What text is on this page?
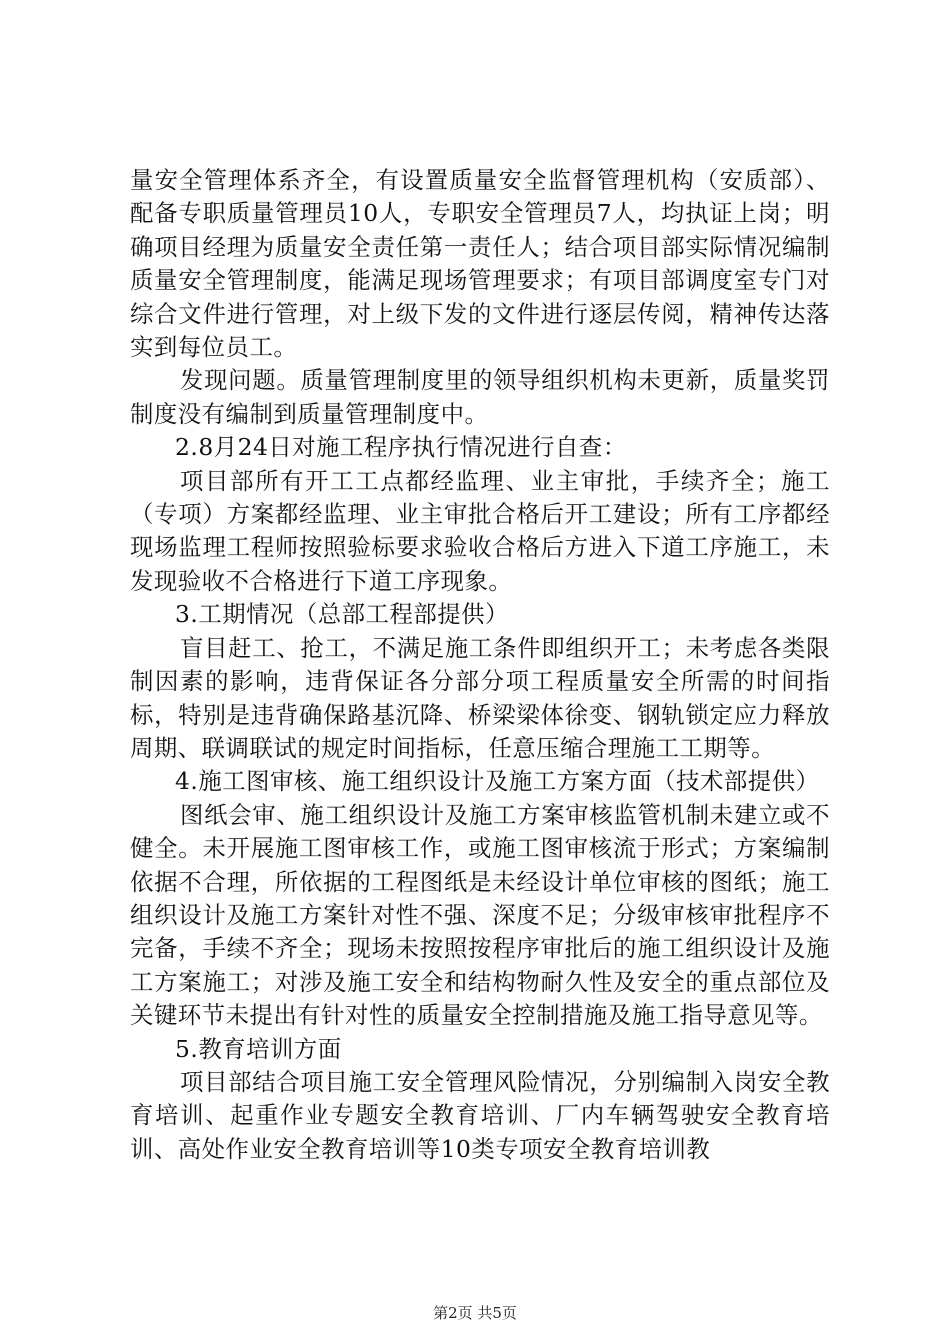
量安全管理体系齐全，有设置质量安全监督管理机构（安质部）、配备专职质量管理员10人，专职安全管理员7人，均执证上岗；明确项目经理为质量安全责任第一责任人；结合项目部实际情况编制质量安全管理制度，能满足现场管理要求；有项目部调度室专门对综合文件进行管理，对上级下发的文件进行逐层传阅，精神传达落实到每位员工。

发现问题。质量管理制度里的领导组织机构未更新，质量奖罚制度没有编制到质量管理制度中。

2.8月24日对施工程序执行情况进行自查：

项目部所有开工工点都经监理、业主审批，手续齐全；施工（专项）方案都经监理、业主审批合格后开工建设；所有工序都经现场监理工程师按照验标要求验收合格后方进入下道工序施工，未发现验收不合格进行下道工序现象。

3.工期情况（总部工程部提供）

盲目赶工、抢工，不满足施工条件即组织开工；未考虑各类限制因素的影响，违背保证各分部分项工程质量安全所需的时间指标，特别是违背确保路基沉降、桥梁梁体徐变、钢轨锁定应力释放周期、联调联试的规定时间指标，任意压缩合理施工工期等。

4.施工图审核、施工组织设计及施工方案方面（技术部提供）

图纸会审、施工组织设计及施工方案审核监管机制未建立或不健全。未开展施工图审核工作，或施工图审核流于形式；方案编制依据不合理，所依据的工程图纸是未经设计单位审核的图纸；施工组织设计及施工方案针对性不强、深度不足；分级审核审批程序不完备，手续不齐全；现场未按照按程序审批后的施工组织设计及施工方案施工；对涉及施工安全和结构物耐久性及安全的重点部位及关键环节未提出有针对性的质量安全控制措施及施工指导意见等。

5.教育培训方面

项目部结合项目施工安全管理风险情况，分别编制入岗安全教育培训、起重作业专题安全教育培训、厂内车辆驾驶安全教育培训、高处作业安全教育培训等10类专项安全教育培训教

第2页 共5页
